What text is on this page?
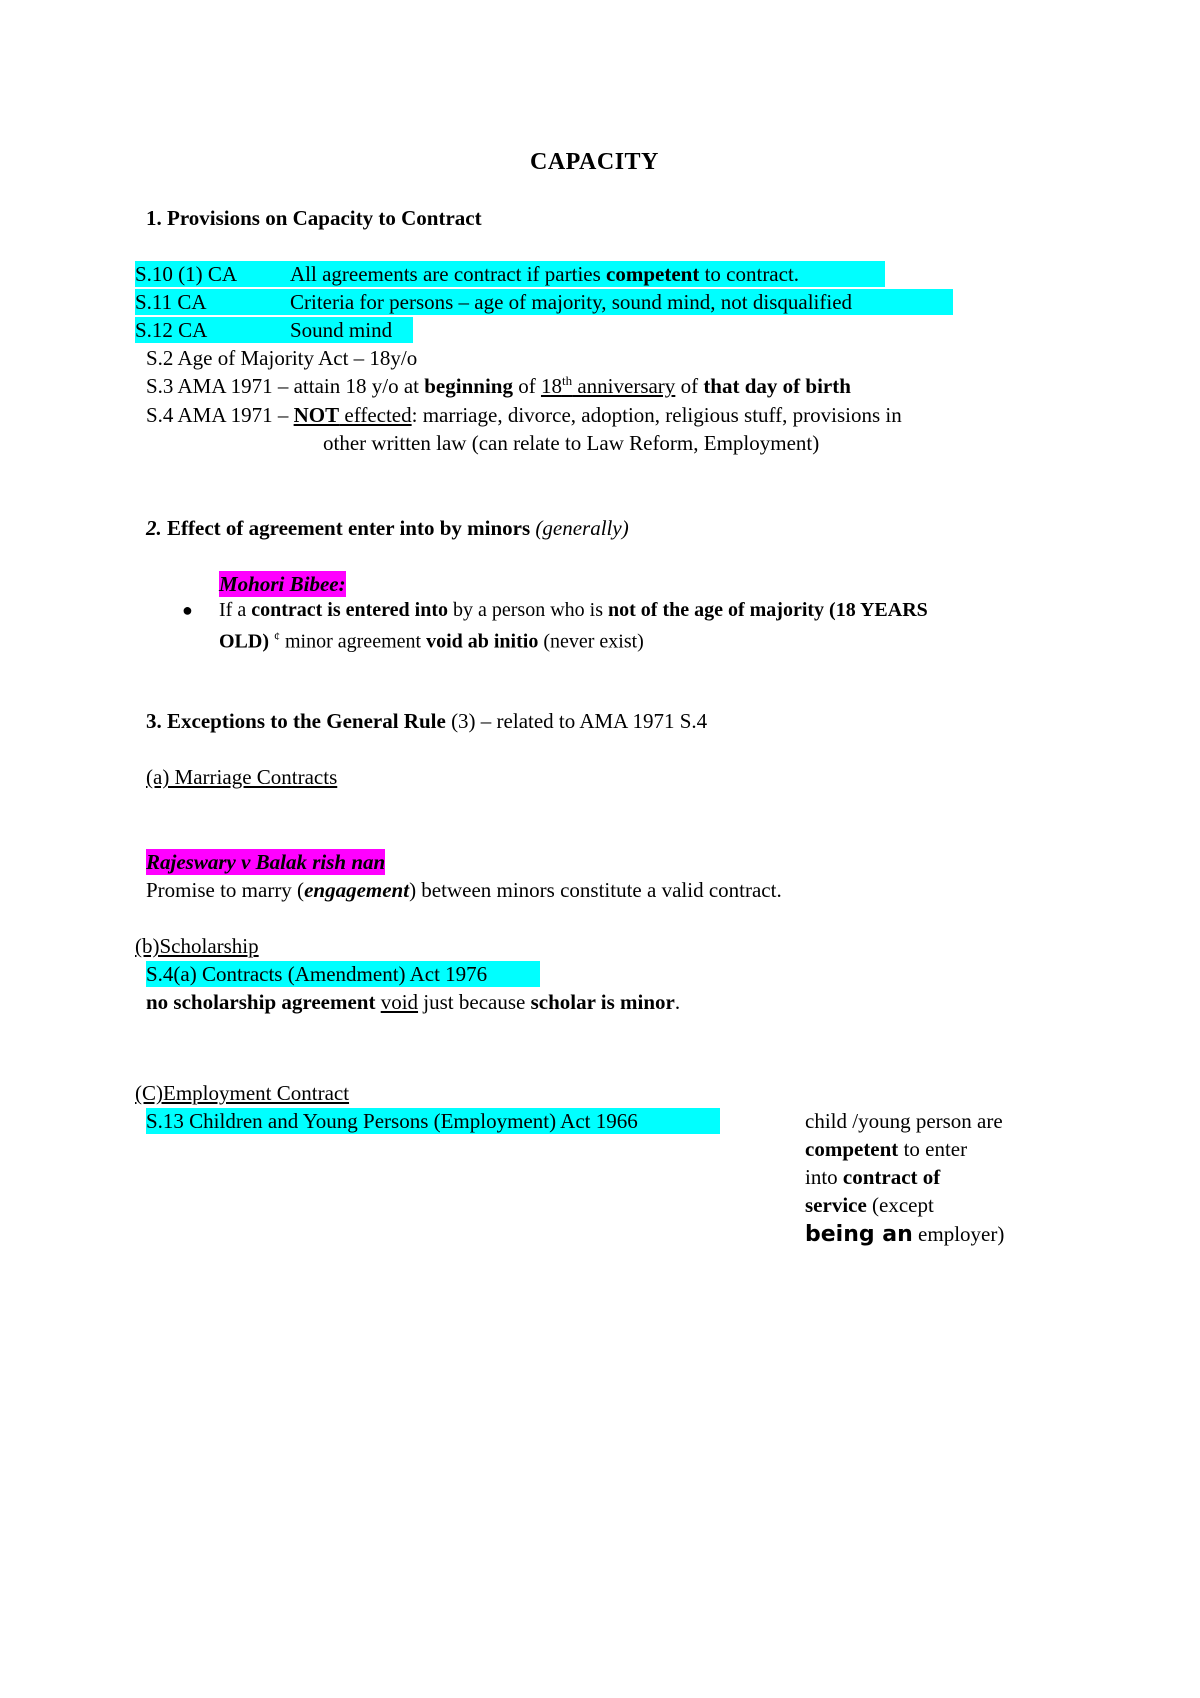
CAPACITY
1. Provisions on Capacity to Contract
S.10 (1) CA	All agreements are contract if parties competent to contract.
S.11 CA	Criteria for persons – age of majority, sound mind, not disqualified
S.12 CA	Sound mind
S.2 Age of Majority Act – 18y/o
S.3 AMA 1971 – attain 18 y/o at beginning of 18th anniversary of that day of birth
S.4 AMA 1971 – NOT effected: marriage, divorce, adoption, religious stuff, provisions in
other written law (can relate to Law Reform, Employment)
2. Effect of agreement enter into by minors (generally)
Mohori Bibee:
● If a contract is entered into by a person who is not of the age of majority (18 YEARS
OLD) ¢ minor agreement void ab initio (never exist)
3. Exceptions to the General Rule (3) – related to AMA 1971 S.4
(a) Marriage Contracts
Rajeswary v Balak rish nan
Promise to marry (engagement) between minors constitute a valid contract.
(b)Scholarship
S.4(a) Contracts (Amendment) Act 1976
no scholarship agreement void just because scholar is minor.
(C)Employment Contract
S.13 Children and Young Persons (Employment) Act 1966	child /young person are
competent to enter
into contract of
service (except
being an employer)
